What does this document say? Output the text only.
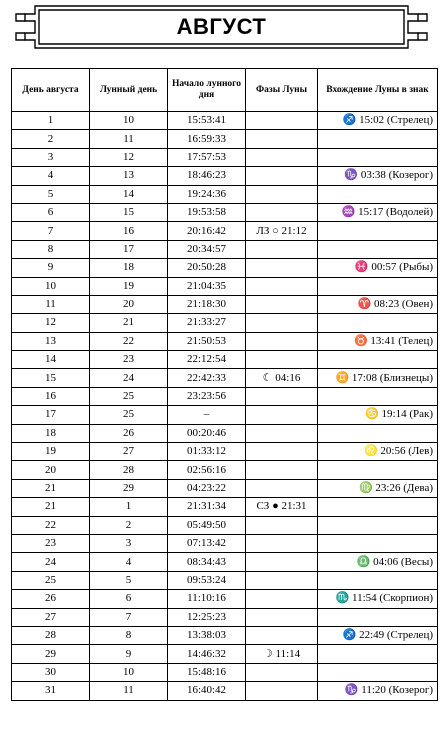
АВГУСТ
День августа	Лунный день	Начало лунного дня	Фазы Луны	Вхождение Луны в знак
1	10	15:53:41		♐ 15:02 (Стрелец)
2	11	16:59:33		
3	12	17:57:53		
4	13	18:46:23		♑ 03:38 (Козерог)
5	14	19:24:36		
6	15	19:53:58		♒ 15:17 (Водолей)
7	16	20:16:42	ЛЗ ○ 21:12	
8	17	20:34:57		
9	18	20:50:28		♓ 00:57 (Рыбы)
10	19	21:04:35		
11	20	21:18:30		♈ 08:23 (Овен)
12	21	21:33:27		
13	22	21:50:53		♉ 13:41 (Телец)
14	23	22:12:54		
15	24	22:42:33	☾ 04:16	♊ 17:08 (Близнецы)
16	25	23:23:56		
17	25	–		♋ 19:14 (Рак)
18	26	00:20:46		
19	27	01:33:12		♌ 20:56 (Лев)
20	28	02:56:16		
21	29	04:23:22		♍ 23:26 (Дева)
21	1	21:31:34	СЗ ● 21:31	
22	2	05:49:50		
23	3	07:13:42		
24	4	08:34:43		♎ 04:06 (Весы)
25	5	09:53:24		
26	6	11:10:16		♏ 11:54 (Скорпион)
27	7	12:25:23		
28	8	13:38:03		♐ 22:49 (Стрелец)
29	9	14:46:32	☽ 11:14	
30	10	15:48:16		
31	11	16:40:42		♑ 11:20 (Козерог)
